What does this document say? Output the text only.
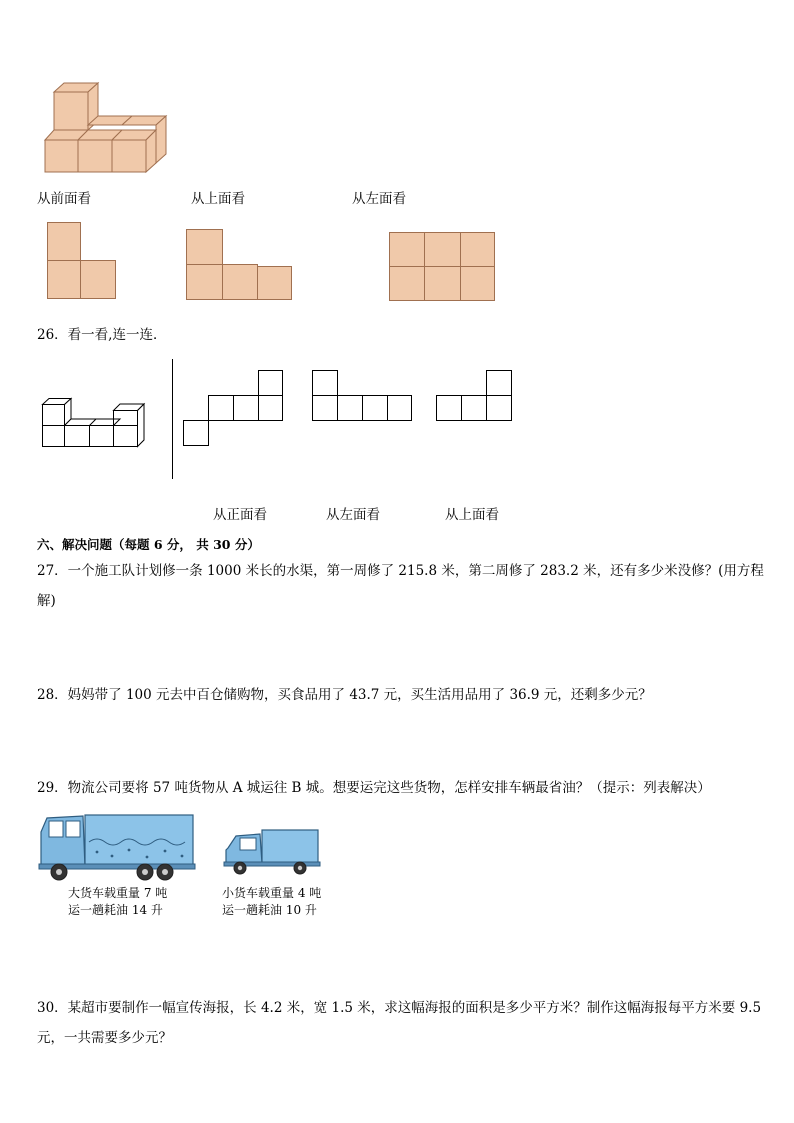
从前面看	从上面看	从左面看
26．看一看,连一连．
从正面看	从左面看	从上面看
六、解决问题（每题 6 分， 共 30 分）
27．一个施工队计划修一条 1000 米长的水渠，第一周修了 215.8 米，第二周修了 283.2 米，还有多少米没修？(用方程解)
28．妈妈带了 100 元去中百仓储购物，买食品用了 43.7 元，买生活用品用了 36.9 元，还剩多少元？
29．物流公司要将 57 吨货物从 A 城运往 B 城。想要运完这些货物，怎样安排车辆最省油？（提示：列表解决）
大货车载重量 7 吨
运一趟耗油 14 升
小货车载重量 4 吨
运一趟耗油 10 升
30．某超市要制作一幅宣传海报，长 4.2 米，宽 1.5 米，求这幅海报的面积是多少平方米？制作这幅海报每平方米要 9.5 元，一共需要多少元？
